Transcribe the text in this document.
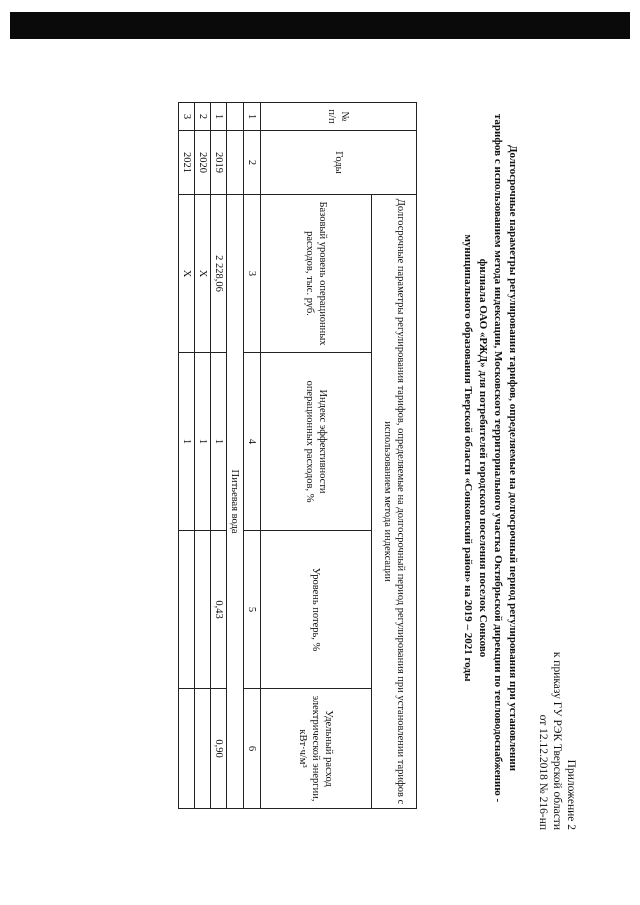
Приложение 2
к приказу ГУ РЭК Тверской области
от 12.12.2018 № 216-нп
Долгосрочные параметры регулирования тарифов, определяемые на долгосрочный период регулирования при установлении
тарифов с использованием метода индексации, Московского территориального участка Октябрьской дирекции по тепловодоснабжению -
филиала ОАО «РЖД» для потребителей городского поселения поселок Сонково
муниципального образования Тверской области «Сонковский район» на 2019 – 2021 годы
№ п/п	Годы	Долгосрочные параметры регулирования тарифов, определяемые на долгосрочный период регулирования при установлении тарифов с использованием метода индексации			
		Базовый уровень операционных расходов, тыс. руб.	Индекс эффективности операционных расходов, %	Уровень потерь, %	Удельный расход электрической энергии, кВт·ч/м³
1	2	3	4	5	6
		Питьевая вода			
1	2019	2 228,06	1	0,43	0,90
2	2020	X	1		
3	2021	X	1		
